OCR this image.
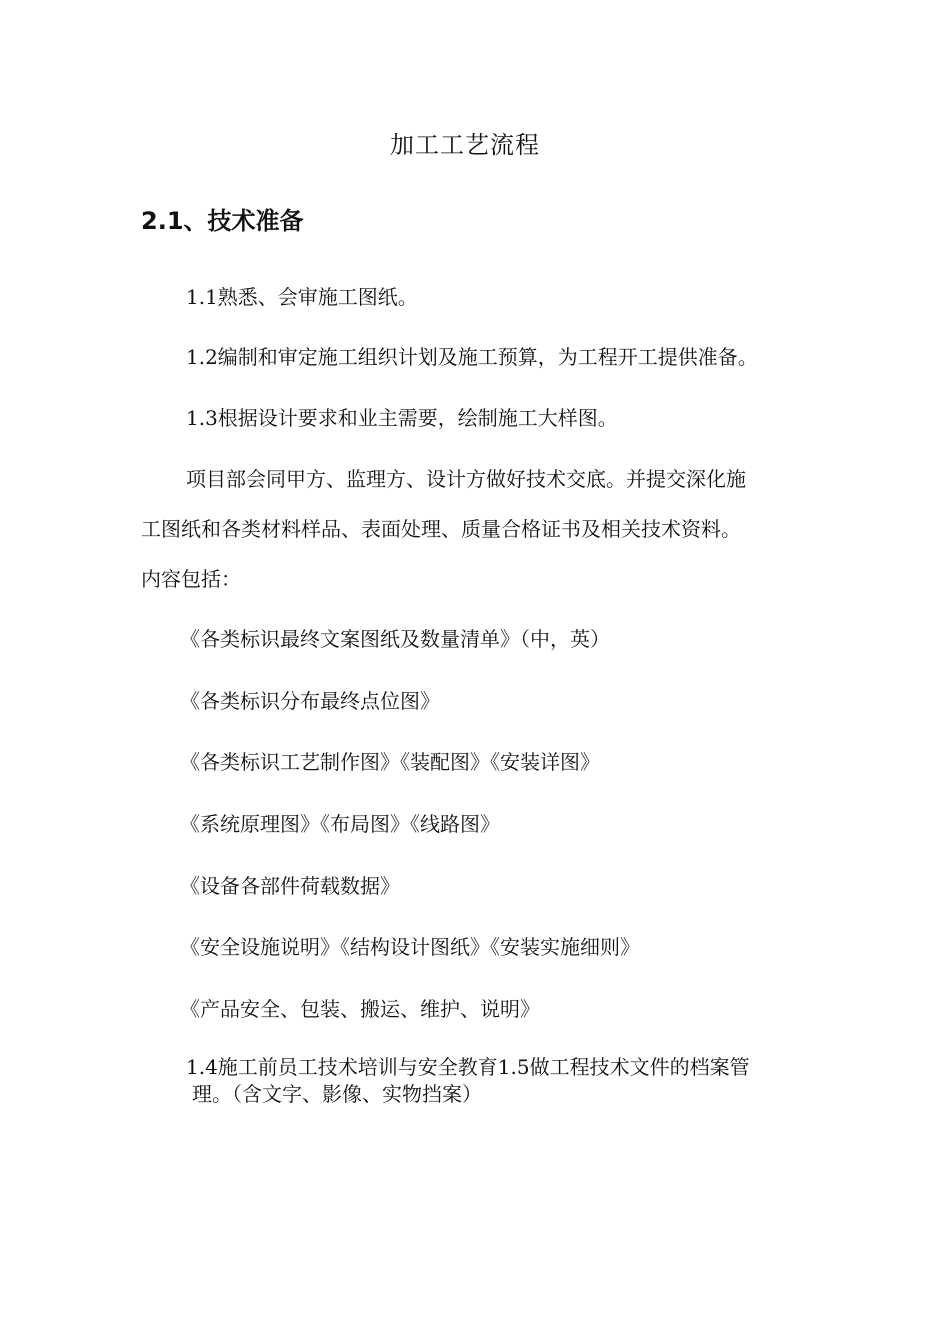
加工工艺流程
2.1、技术准备
1.1熟悉、会审施工图纸。
1.2编制和审定施工组织计划及施工预算，为工程开工提供准备。
1.3根据设计要求和业主需要，绘制施工大样图。
项目部会同甲方、监理方、设计方做好技术交底。并提交深化施
工图纸和各类材料样品、表面处理、质量合格证书及相关技术资料。
内容包括：
《各类标识最终文案图纸及数量清单》（中，英）
《各类标识分布最终点位图》
《各类标识工艺制作图》《装配图》《安装详图》
《系统原理图》《布局图》《线路图》
《设备各部件荷载数据》
《安全设施说明》《结构设计图纸》《安装实施细则》
《产品安全、包装、搬运、维护、说明》
1.4施工前员工技术培训与安全教育1.5做工程技术文件的档案管
理。（含文字、影像、实物挡案）
